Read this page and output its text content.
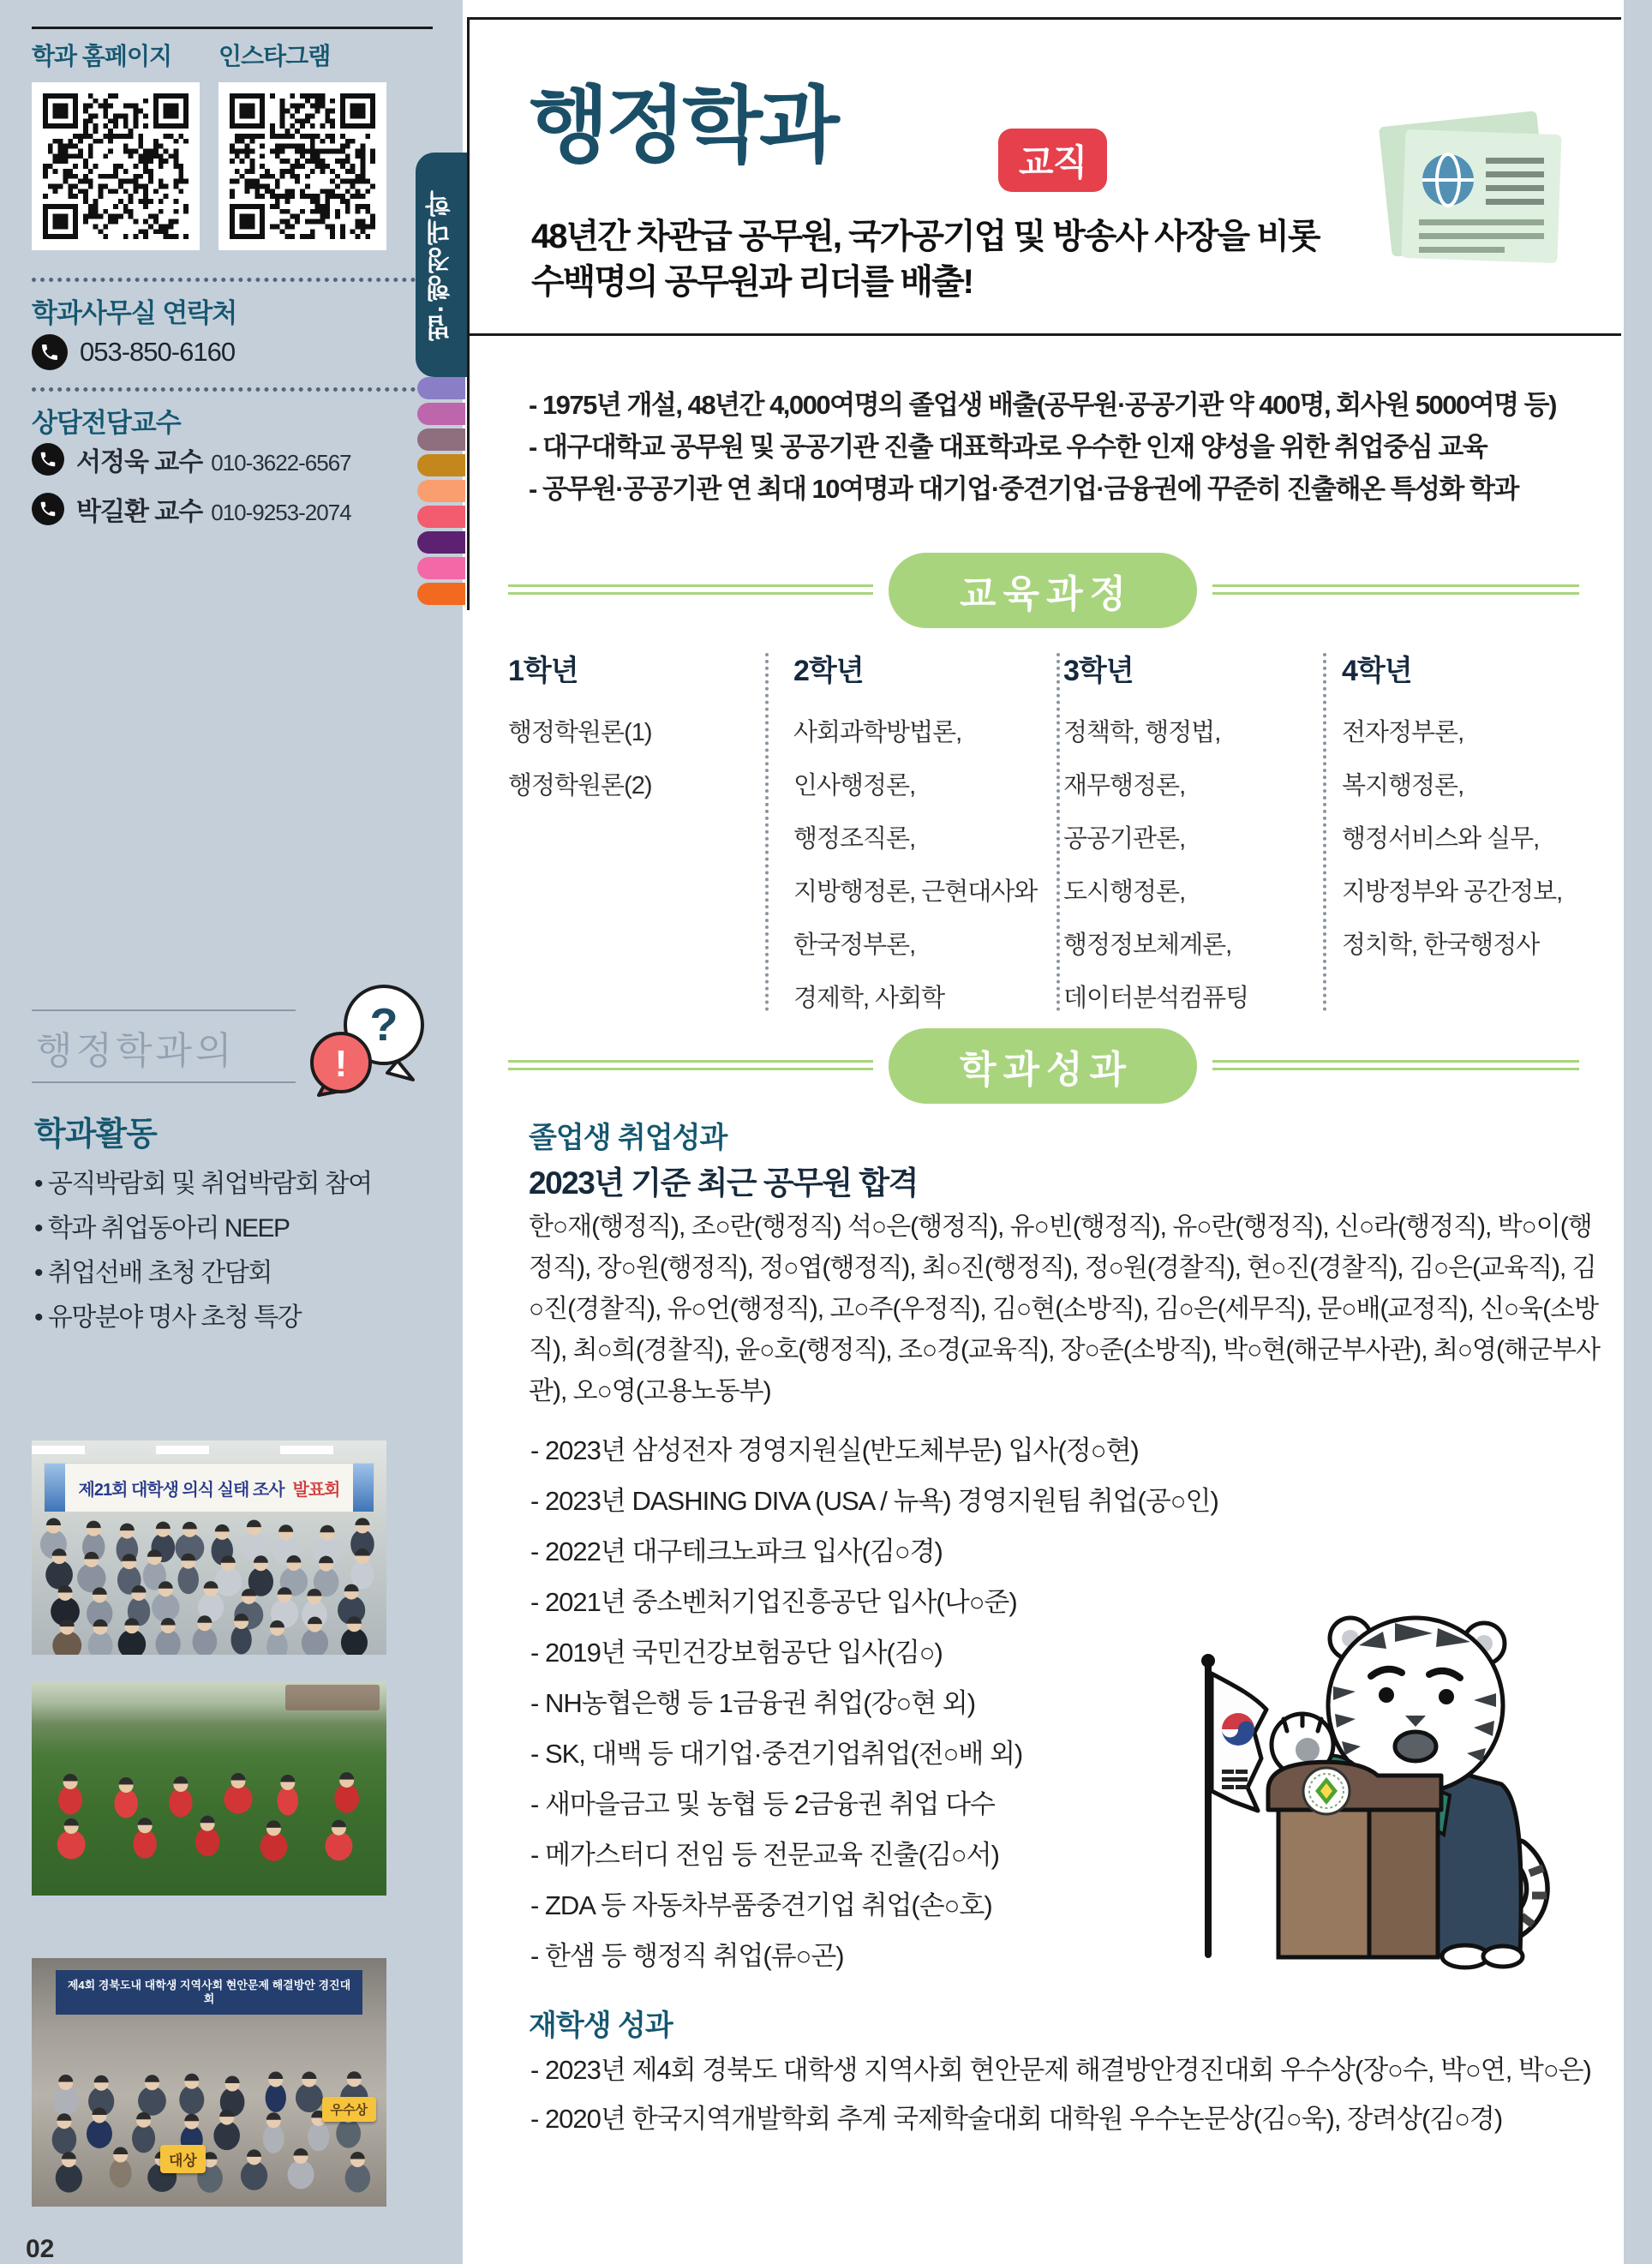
학과 홈페이지 인스타그램
학과사무실 연락처
053-850-6160
상담전담교수
서정욱 교수 010-3622-6567
박길환 교수 010-9253-2074
행정학과의
?
!
학과활동
• 공직박람회 및 취업박람회 참여
• 학과 취업동아리 NEEP
• 취업선배 초청 간담회
• 유망분야 명사 초청 특강
제21회 대학생 의식 실태 조사 발표회
제4회 경북도내 대학생 지역사회 현안문제 해결방안 경진대회
대상
우수상
02
법·행정대학
행정학과	교직
48년간 차관급 공무원, 국가공기업 및 방송사 사장을 비롯
수백명의 공무원과 리더를 배출!
- 1975년 개설, 48년간 4,000여명의 졸업생 배출(공무원·공공기관 약 400명, 회사원 5000여명 등)
- 대구대학교 공무원 및 공공기관 진출 대표학과로 우수한 인재 양성을 위한 취업중심 교육
- 공무원·공공기관 연 최대 10여명과 대기업·중견기업·금융권에 꾸준히 진출해온 특성화 학과
교육과정
1학년
행정학원론(1)
행정학원론(2)
2학년
사회과학방법론,
인사행정론,
행정조직론,
지방행정론, 근현대사와
한국정부론,
경제학, 사회학
3학년
정책학, 행정법,
재무행정론,
공공기관론,
도시행정론,
행정정보체계론,
데이터분석컴퓨팅
4학년
전자정부론,
복지행정론,
행정서비스와 실무,
지방정부와 공간정보,
정치학, 한국행정사
학과성과
졸업생 취업성과
2023년 기준 최근 공무원 합격
한○재(행정직), 조○란(행정직) 석○은(행정직), 유○빈(행정직), 유○란(행정직), 신○라(행정직), 박○이(행정직), 장○원(행정직), 정○엽(행정직), 최○진(행정직), 정○원(경찰직), 현○진(경찰직), 김○은(교육직), 김○진(경찰직), 유○언(행정직), 고○주(우정직), 김○현(소방직), 김○은(세무직), 문○배(교정직), 신○욱(소방직), 최○희(경찰직), 윤○호(행정직), 조○경(교육직), 장○준(소방직), 박○현(해군부사관), 최○영(해군부사관), 오○영(고용노동부)
- 2023년 삼성전자 경영지원실(반도체부문) 입사(정○현)
- 2023년 DASHING DIVA (USA / 뉴욕) 경영지원팀 취업(공○인)
- 2022년 대구테크노파크 입사(김○경)
- 2021년 중소벤처기업진흥공단 입사(나○준)
- 2019년 국민건강보험공단 입사(김○)
- NH농협은행 등 1금융권 취업(강○현 외)
- SK, 대백 등 대기업·중견기업취업(전○배 외)
- 새마을금고 및 농협 등 2금융권 취업 다수
- 메가스터디 전임 등 전문교육 진출(김○서)
- ZDA 등 자동차부품중견기업 취업(손○호)
- 한샘 등 행정직 취업(류○곤)
재학생 성과
- 2023년 제4회 경북도 대학생 지역사회 현안문제 해결방안경진대회 우수상(장○수, 박○연, 박○은)
- 2020년 한국지역개발학회 추계 국제학술대회 대학원 우수논문상(김○욱), 장려상(김○경)
